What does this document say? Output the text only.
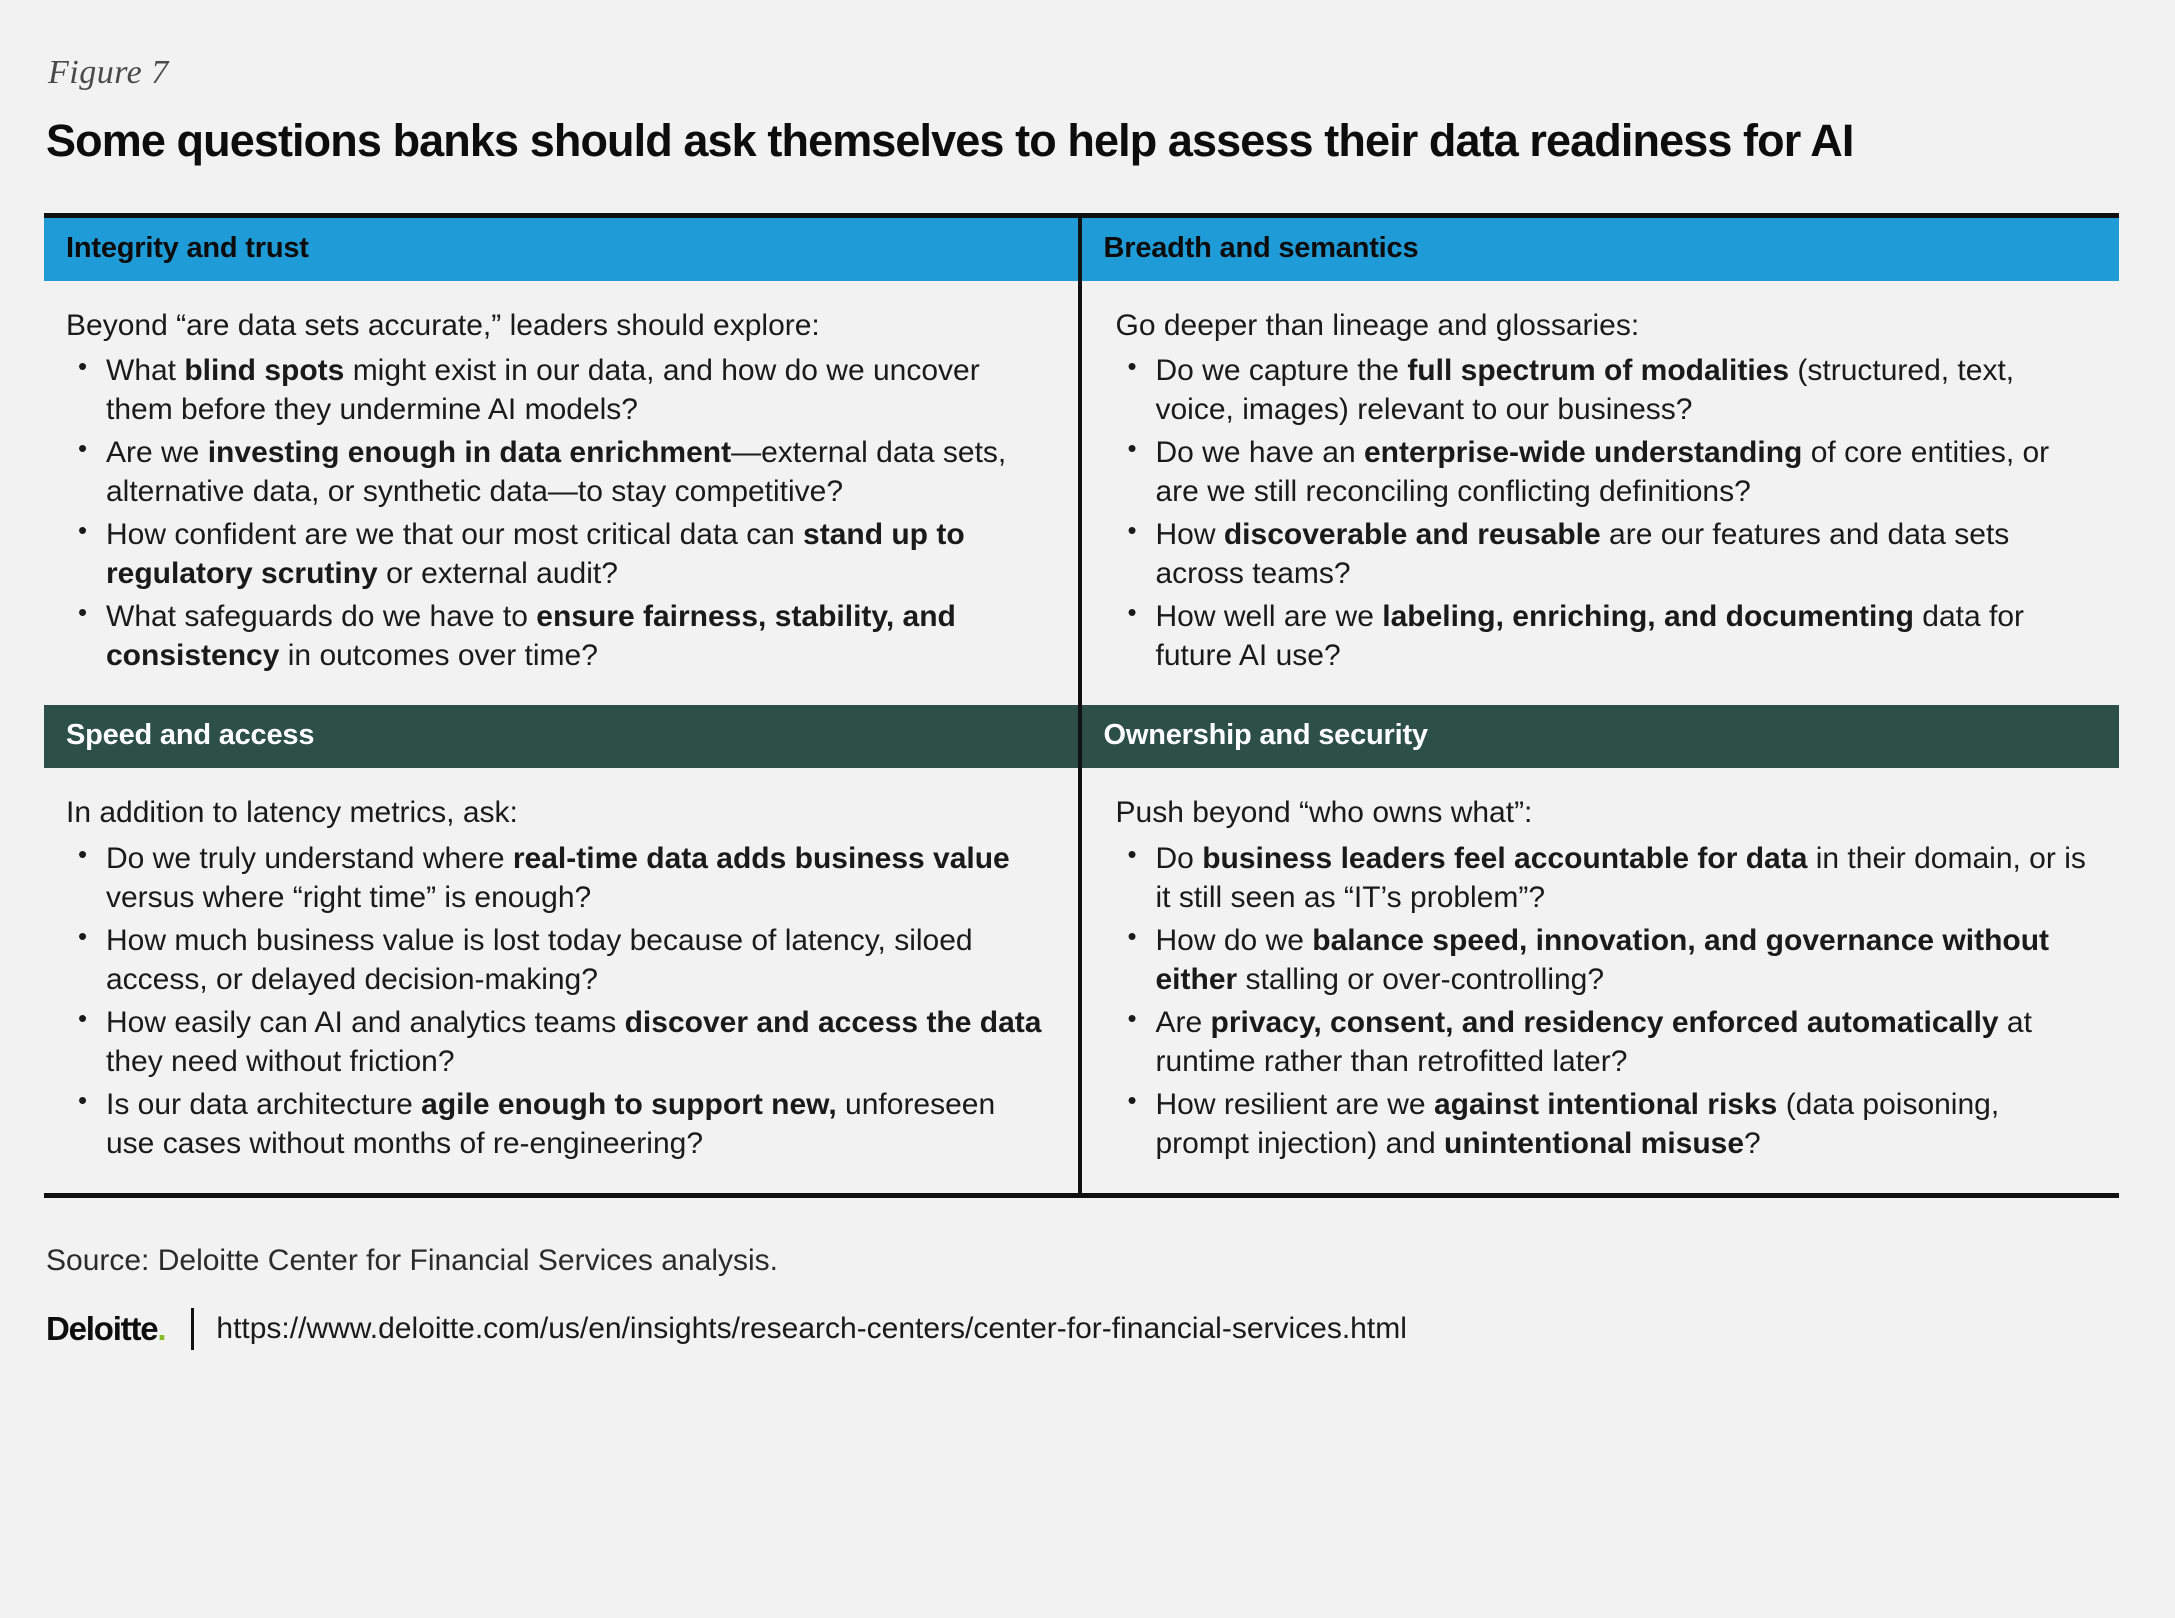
Figure 7
Some questions banks should ask themselves to help assess their data readiness for AI
Integrity and trust	Breadth and semantics

Beyond “are data sets accurate,” leaders should explore:

• What blind spots might exist in our data, and how do we uncover them before they undermine AI models?
• Are we investing enough in data enrichment—external data sets, alternative data, or synthetic data—to stay competitive?
• How confident are we that our most critical data can stand up to regulatory scrutiny or external audit?
• What safeguards do we have to ensure fairness, stability, and consistency in outcomes over time?

Go deeper than lineage and glossaries:

• Do we capture the full spectrum of modalities (structured, text, voice, images) relevant to our business?
• Do we have an enterprise-wide understanding of core entities, or are we still reconciling conflicting definitions?
• How discoverable and reusable are our features and data sets across teams?
• How well are we labeling, enriching, and documenting data for future AI use?
Speed and access	Ownership and security

In addition to latency metrics, ask:

• Do we truly understand where real-time data adds business value versus where “right time” is enough?
• How much business value is lost today because of latency, siloed access, or delayed decision-making?
• How easily can AI and analytics teams discover and access the data they need without friction?
• Is our data architecture agile enough to support new, unforeseen use cases without months of re-engineering?

Push beyond “who owns what”:

• Do business leaders feel accountable for data in their domain, or is it still seen as “IT’s problem”?
• How do we balance speed, innovation, and governance without either stalling or over-controlling?
• Are privacy, consent, and residency enforced automatically at runtime rather than retrofitted later?
• How resilient are we against intentional risks (data poisoning, prompt injection) and unintentional misuse?
Source: Deloitte Center for Financial Services analysis.
Deloitte. https://www.deloitte.com/us/en/insights/research-centers/center-for-financial-services.html
